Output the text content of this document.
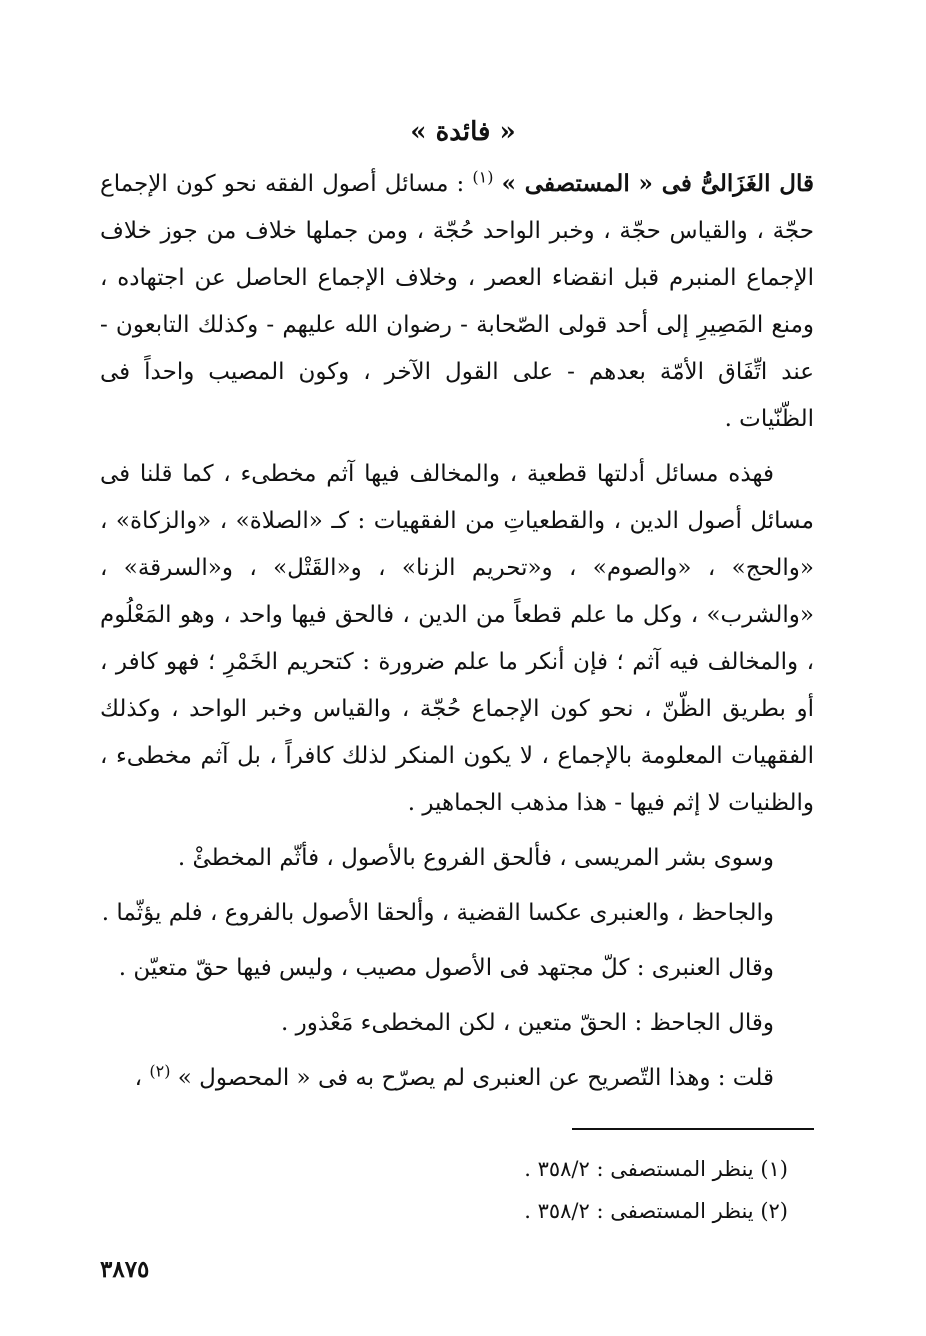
« فائدة »

قال الغَزَالىُّ فى « المستصفى » $^{(١)}$ : مسائل أصول الفقه نحو كون الإجماع حجّة ، والقياس حجّة ، وخبر الواحد حُجّة ، ومن جملها خلاف من جوز خلاف الإجماع المنبرم قبل انقضاء العصر ، وخلاف الإجماع الحاصل عن اجتهاده ، ومنع المَصِيرِ إلى أحد قولى الصّحابة - رضوان الله عليهم - وكذلك التابعون - عند اتِّفَاق الأمّة بعدهم - على القول الآخر ، وكون المصيب واحداً فى الظّنّيات .

فهذه مسائل أدلتها قطعية ، والمخالف فيها آثم مخطىء ، كما قلنا فى مسائل أصول الدين ، والقطعياتِ من الفقهيات : كـ «الصلاة» ، «والزكاة» ، «والحج» ، «والصوم» ، و«تحريم الزنا» ، و«القَتْل» ، و«السرقة» ، «والشرب» ، وكل ما علم قطعاً من الدين ، فالحق فيها واحد ، وهو المَعْلُوم ، والمخالف فيه آثم ؛ فإن أنكر ما علم ضرورة : كتحريم الخَمْرِ ؛ فهو كافر ، أو بطريق الظّنّ ، نحو كون الإجماع حُجّة ، والقياس وخبر الواحد ، وكذلك الفقهيات المعلومة بالإجماع ، لا يكون المنكر لذلك كافراً ، بل آثم مخطىء ، والظنيات لا إثم فيها - هذا مذهب الجماهير .

وسوى بشر المريسى ، فألحق الفروع بالأصول ، فأثّم المخطئْ .

والجاحظ ، والعنبرى عكسا القضية ، وألحقا الأصول بالفروع ، فلم يؤثّما .

وقال العنبرى : كلّ مجتهد فى الأصول مصيب ، وليس فيها حقّ متعيّن .

وقال الجاحظ : الحقّ متعين ، لكن المخطىء مَعْذور .

قلت : وهذا التّصريح عن العنبرى لم يصرّح به فى « المحصول » $^{(٢)}$ ،

(١) ينظر المستصفى : ٣٥٨/٢ .

(٢) ينظر المستصفى : ٣٥٨/٢ .

٣٨٧٥
